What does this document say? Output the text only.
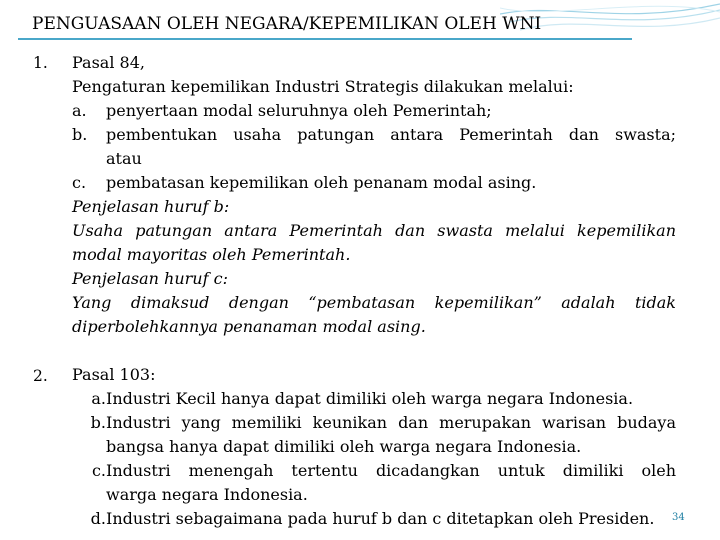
PENGUASAAN OLEH NEGARA/KEPEMILIKAN OLEH WNI
1. Pasal 84,
Pengaturan kepemilikan Industri Strategis dilakukan melalui:
a. penyertaan modal seluruhnya oleh Pemerintah;
b. pembentukan usaha patungan antara Pemerintah dan swasta;
atau
c. pembatasan kepemilikan oleh penanam modal asing.
Penjelasan huruf b:
Usaha patungan antara Pemerintah dan swasta melalui kepemilikan
modal mayoritas oleh Pemerintah.
Penjelasan huruf c:
Yang dimaksud dengan “pembatasan kepemilikan” adalah tidak
diperbolehkannya penanaman modal asing.
2. Pasal 103:
a. Industri Kecil hanya dapat dimiliki oleh warga negara Indonesia.
b. Industri yang memiliki keunikan dan merupakan warisan budaya
bangsa hanya dapat dimiliki oleh warga negara Indonesia.
c. Industri menengah tertentu dicadangkan untuk dimiliki oleh
warga negara Indonesia.
d. Industri sebagaimana pada huruf b dan c ditetapkan oleh Presiden. 34
